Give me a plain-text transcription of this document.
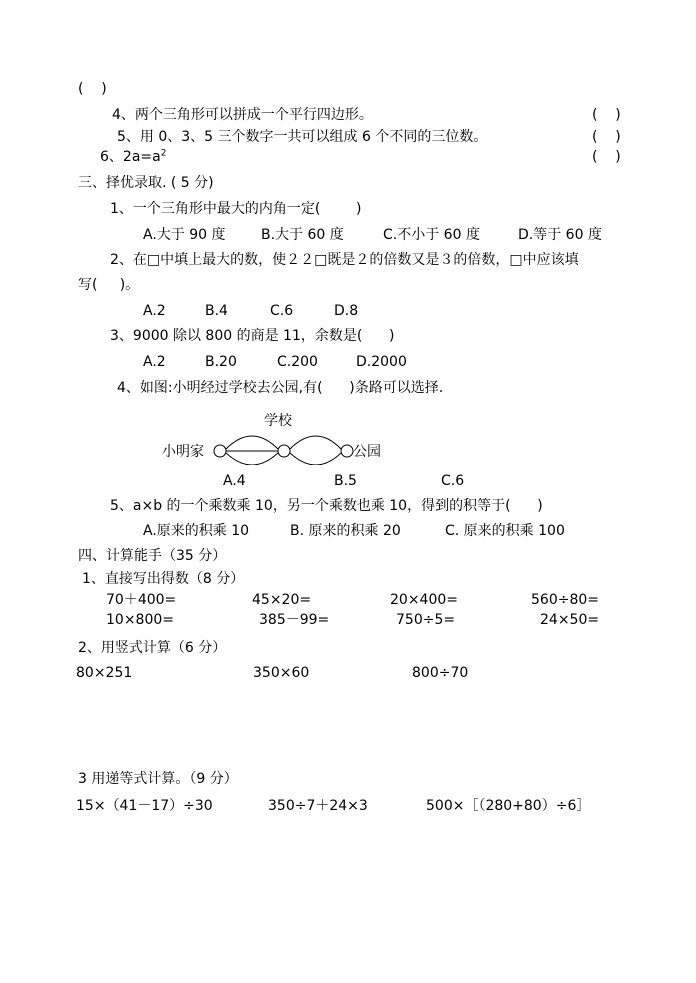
(    )
4、两个三角形可以拼成一个平行四边形。	(    )
5、用 0、3、5 三个数字一共可以组成 6 个不同的三位数。	(    )
6、$2a=a^2$	(    )
三、择优录取. ( 5 分)
1、一个三角形中最大的内角一定(        )
A.大于 90 度	B.大于 60 度	C.不小于 60 度	D.等于 60 度
2、在□中填上最大的数，使２２□既是２的倍数又是３的倍数，□中应该填
写(     )。
A.2	B.4	C.6	D.8
3、9000 除以 800 的商是 11，余数是(      )
A.2	B.20	C.200	D.2000
4、如图:小明经过学校去公园,有(      )条路可以选择.
学校
小明家	公园
A.4	B.5	C.6
5、a×b 的一个乘数乘 10，另一个乘数也乘 10，得到的积等于(      )
A.原来的积乘 10	B. 原来的积乘 20	C. 原来的积乘 100
四、计算能手（35 分）
1、直接写出得数（8 分）
70＋400=	45×20=	20×400=	560÷80=
10×800=	385－99=	750÷5=	24×50=
2、用竖式计算（6 分）
80×251	350×60	800÷70
3 用递等式计算。（9 分）
15×（41－17）÷30	350÷7＋24×3	500×［（280+80）÷6］
